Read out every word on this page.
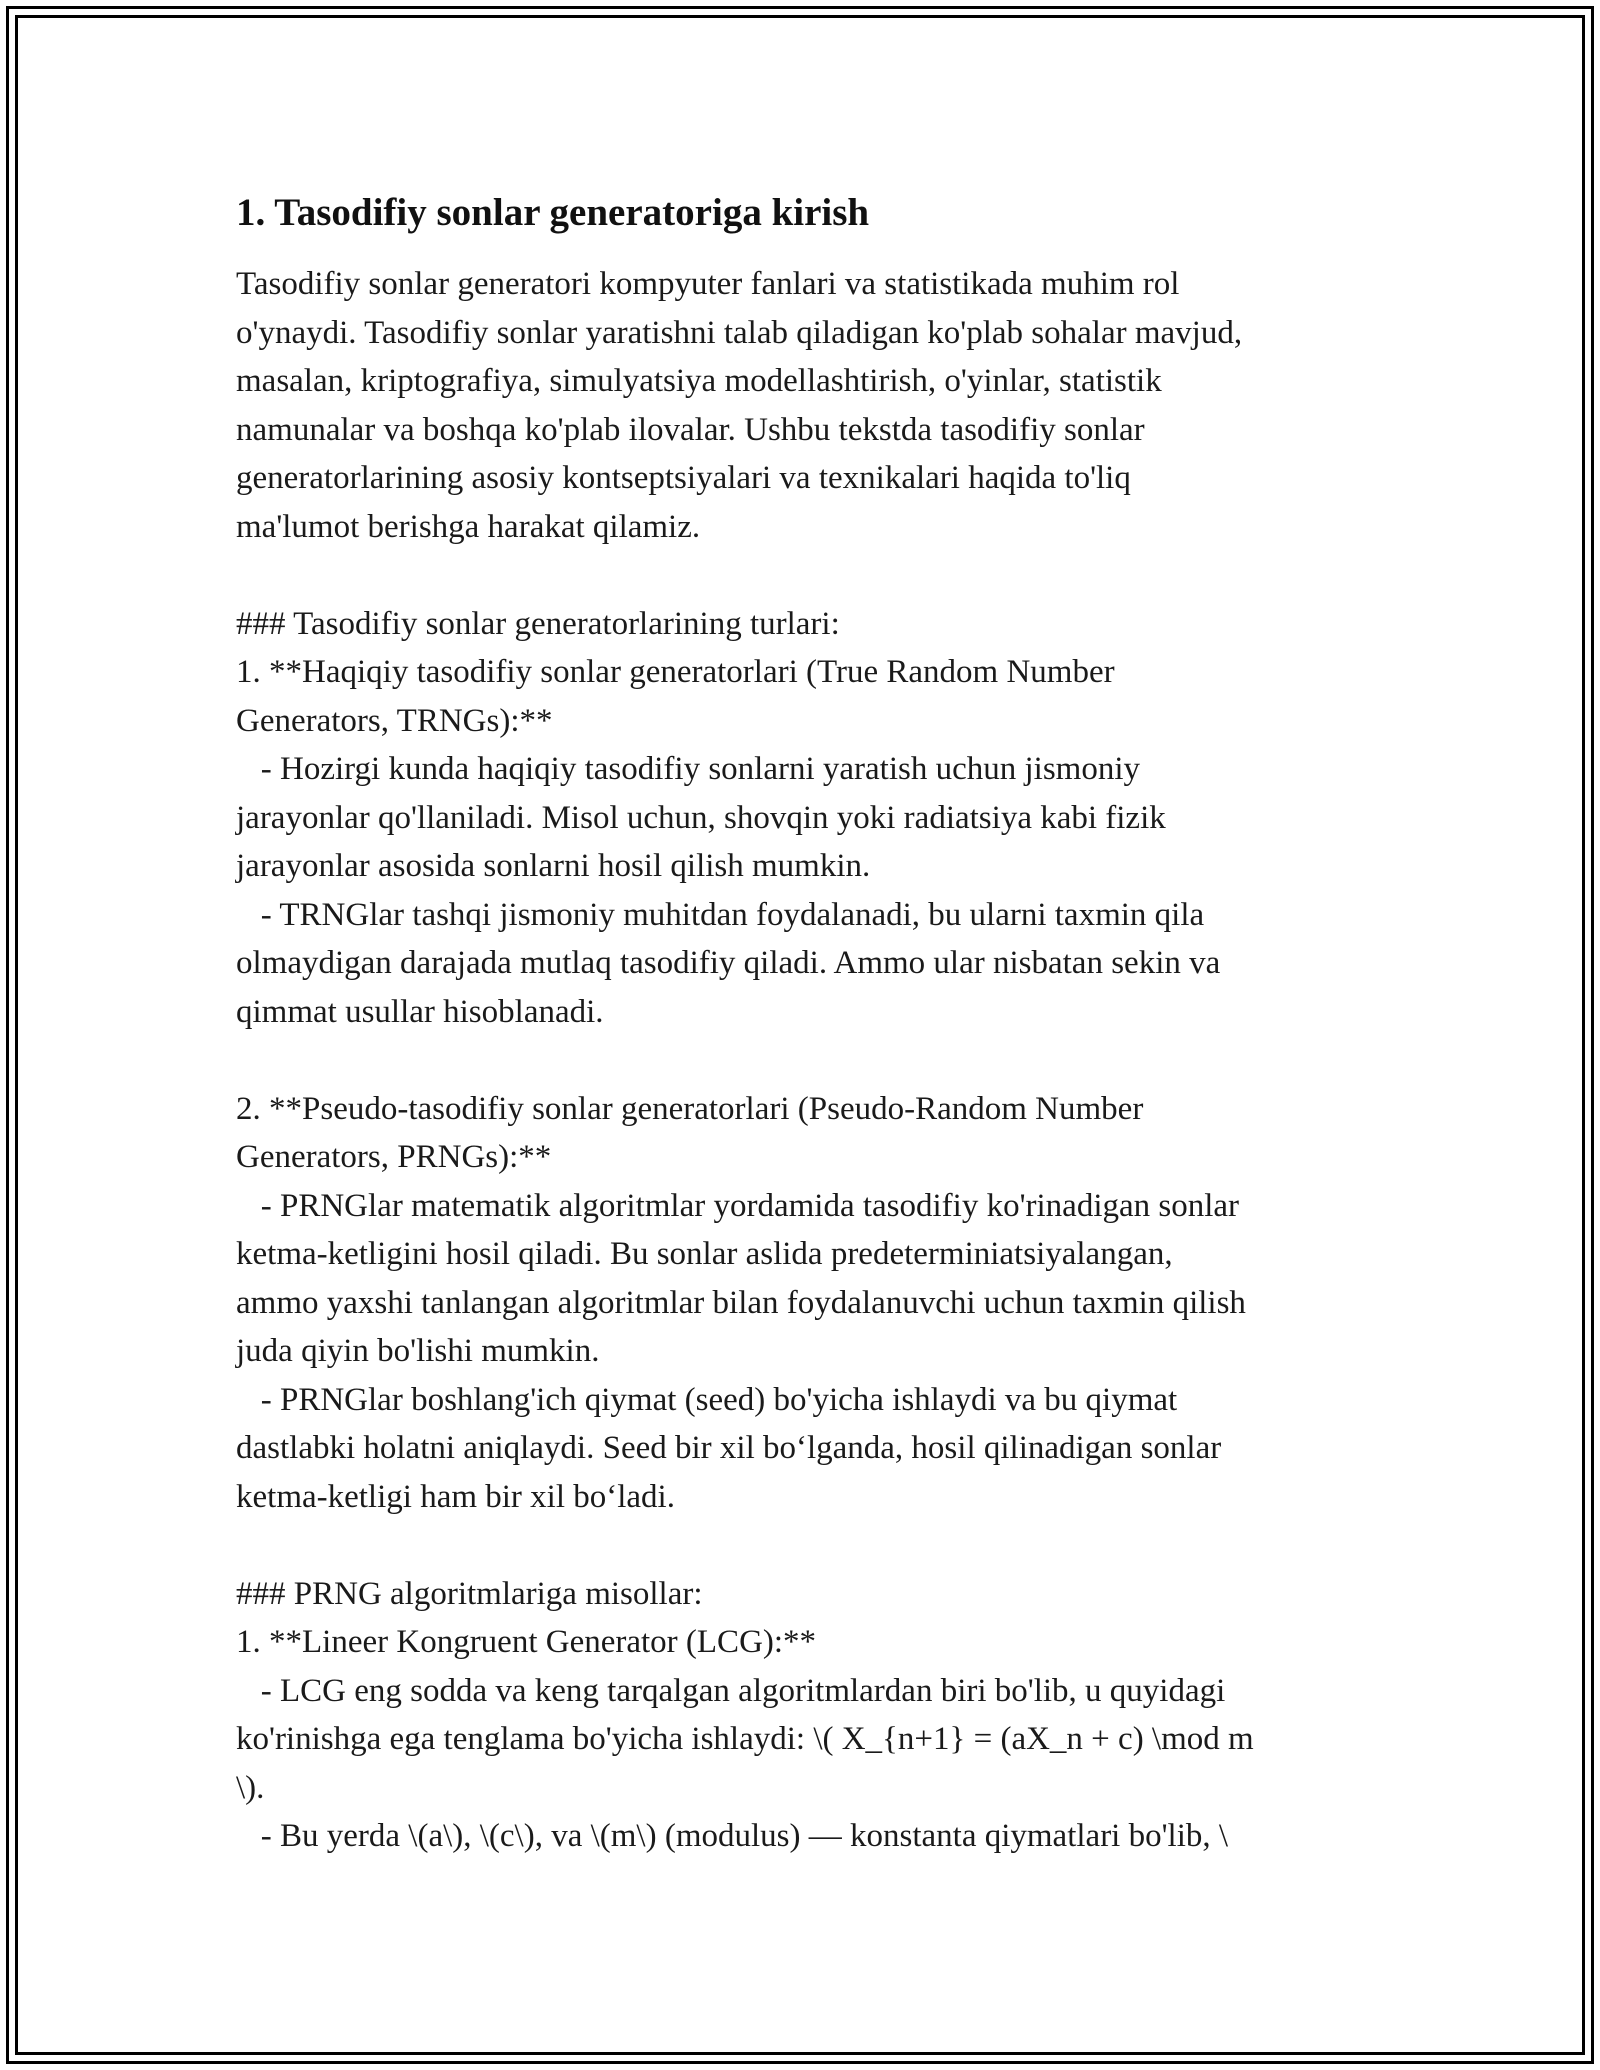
1. Tasodifiy sonlar generatoriga kirish
Tasodifiy sonlar generatori kompyuter fanlari va statistikada muhim rol
o'ynaydi. Tasodifiy sonlar yaratishni talab qiladigan ko'plab sohalar mavjud,
masalan, kriptografiya, simulyatsiya modellashtirish, o'yinlar, statistik
namunalar va boshqa ko'plab ilovalar. Ushbu tekstda tasodifiy sonlar
generatorlarining asosiy kontseptsiyalari va texnikalari haqida to'liq
ma'lumot berishga harakat qilamiz.
### Tasodifiy sonlar generatorlarining turlari:
1. **Haqiqiy tasodifiy sonlar generatorlari (True Random Number
Generators, TRNGs):**
- Hozirgi kunda haqiqiy tasodifiy sonlarni yaratish uchun jismoniy
jarayonlar qo'llaniladi. Misol uchun, shovqin yoki radiatsiya kabi fizik
jarayonlar asosida sonlarni hosil qilish mumkin.
- TRNGlar tashqi jismoniy muhitdan foydalanadi, bu ularni taxmin qila
olmaydigan darajada mutlaq tasodifiy qiladi. Ammo ular nisbatan sekin va
qimmat usullar hisoblanadi.
2. **Pseudo-tasodifiy sonlar generatorlari (Pseudo-Random Number
Generators, PRNGs):**
- PRNGlar matematik algoritmlar yordamida tasodifiy ko'rinadigan sonlar
ketma-ketligini hosil qiladi. Bu sonlar aslida predeterminiatsiyalangan,
ammo yaxshi tanlangan algoritmlar bilan foydalanuvchi uchun taxmin qilish
juda qiyin bo'lishi mumkin.
- PRNGlar boshlang'ich qiymat (seed) bo'yicha ishlaydi va bu qiymat
dastlabki holatni aniqlaydi. Seed bir xil bo‘lganda, hosil qilinadigan sonlar
ketma-ketligi ham bir xil bo‘ladi.
### PRNG algoritmlariga misollar:
1. **Lineer Kongruent Generator (LCG):**
- LCG eng sodda va keng tarqalgan algoritmlardan biri bo'lib, u quyidagi
ko'rinishga ega tenglama bo'yicha ishlaydi: \( X_{n+1} = (aX_n + c) \mod m
\).
- Bu yerda \(a\), \(c\), va \(m\) (modulus) — konstanta qiymatlari bo'lib, \
